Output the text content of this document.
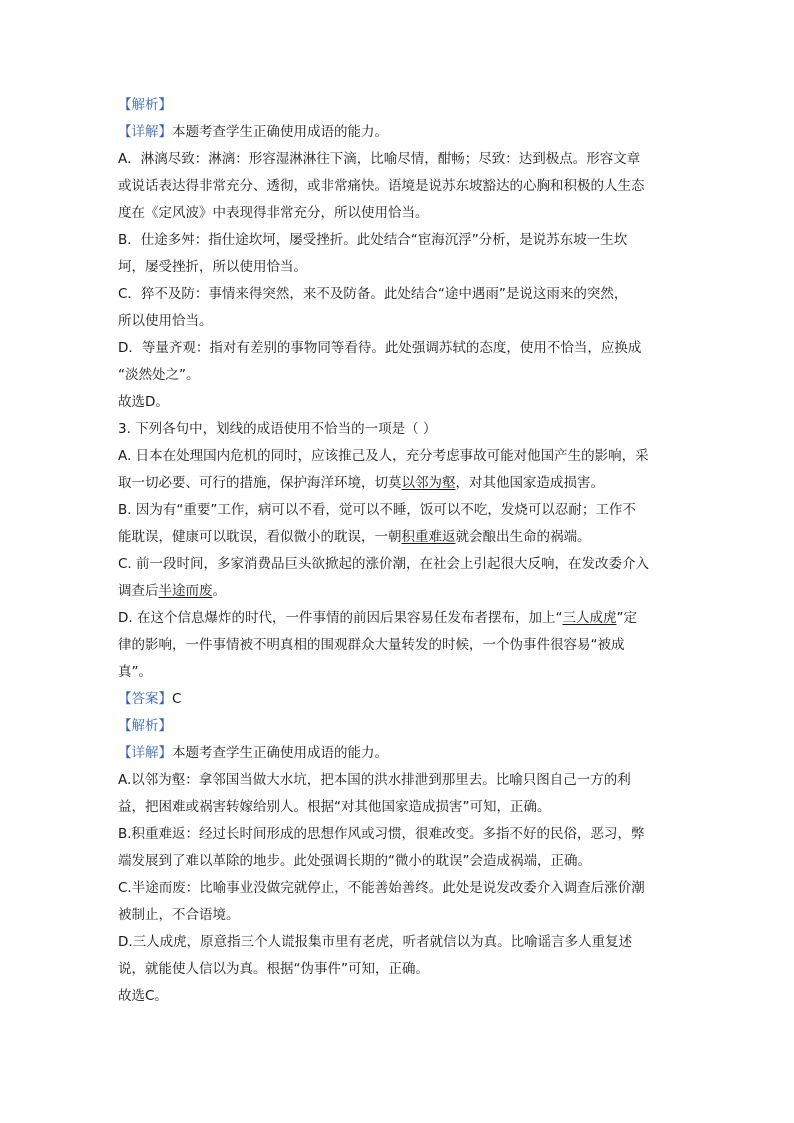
【解析】
【详解】本题考查学生正确使用成语的能力。
A．淋漓尽致：淋漓：形容湿淋淋往下滴，比喻尽情，酣畅；尽致：达到极点。形容文章
或说话表达得非常充分、透彻，或非常痛快。语境是说苏东坡豁达的心胸和积极的人生态
度在《定风波》中表现得非常充分，所以使用恰当。
B．仕途多舛：指仕途坎坷，屡受挫折。此处结合“宦海沉浮”分析，是说苏东坡一生坎
坷，屡受挫折，所以使用恰当。
C．猝不及防：事情来得突然，来不及防备。此处结合“途中遇雨”是说这雨来的突然，
所以使用恰当。
D．等量齐观：指对有差别的事物同等看待。此处强调苏轼的态度，使用不恰当，应换成
“淡然处之”。
故选D。
3. 下列各句中，划线的成语使用不恰当的一项是（ ）
A. 日本在处理国内危机的同时，应该推己及人，充分考虑事故可能对他国产生的影响，采
取一切必要、可行的措施，保护海洋环境，切莫以邻为壑，对其他国家造成损害。
B. 因为有“重要”工作，病可以不看，觉可以不睡，饭可以不吃，发烧可以忍耐；工作不
能耽误，健康可以耽误，看似微小的耽误，一朝积重难返就会酿出生命的祸端。
C. 前一段时间，多家消费品巨头欲掀起的涨价潮，在社会上引起很大反响，在发改委介入
调查后半途而废。
D. 在这个信息爆炸的时代，一件事情的前因后果容易任发布者摆布，加上“三人成虎”定
律的影响，一件事情被不明真相的围观群众大量转发的时候，一个伪事件很容易“被成
真”。
【答案】C
【解析】
【详解】本题考查学生正确使用成语的能力。
A.以邻为壑：拿邻国当做大水坑，把本国的洪水排泄到那里去。比喻只图自己一方的利
益，把困难或祸害转嫁给别人。根据“对其他国家造成损害”可知，正确。
B.积重难返：经过长时间形成的思想作风或习惯，很难改变。多指不好的民俗，恶习，弊
端发展到了难以革除的地步。此处强调长期的“微小的耽误”会造成祸端，正确。
C.半途而废：比喻事业没做完就停止，不能善始善终。此处是说发改委介入调查后涨价潮
被制止，不合语境。
D.三人成虎，原意指三个人谎报集市里有老虎，听者就信以为真。比喻谣言多人重复述
说，就能使人信以为真。根据“伪事件”可知，正确。
故选C。
